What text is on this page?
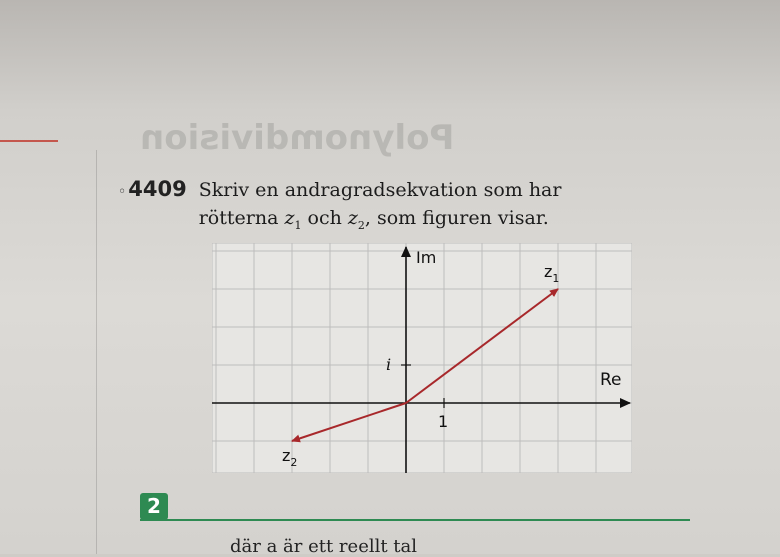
Polynomdivision
◦ 4409 Skriv en andragradsekvation som har
rötterna $z_1$ och $z_2$, som figuren visar.
Re
Im
1
i
$z_1$
$z_2$
2
där a är ett reellt tal
